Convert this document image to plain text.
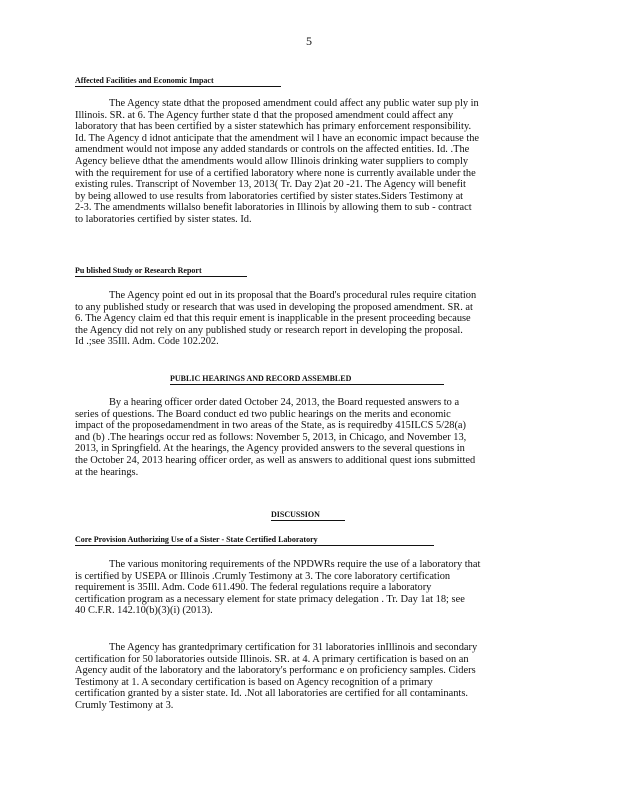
5
Affected Facilities and Economic Impact
The Agency state dthat the proposed amendment could affect any public water sup ply in
Illinois. SR. at 6. The Agency further state d that the proposed amendment could affect any
laboratory that has been certified by a sister statewhich has primary enforcement responsibility.
Id. The Agency d idnot anticipate that the amendment wil l have an economic impact because the
amendment would not impose any added standards or controls on the affected entities. Id. .The
Agency believe dthat the amendments would allow Illinois drinking water suppliers to comply
with the requirement for use of a certified laboratory where none is currently available under the
existing rules. Transcript of November 13, 2013( Tr. Day 2)at 20 -21. The Agency will benefit
by being allowed to use results from laboratories certified by sister states.Siders Testimony at
2-3. The amendments willalso benefit laboratories in Illinois by allowing them to sub - contract
to laboratories certified by sister states. Id.
Pu blished Study or Research Report
The Agency point ed out in its proposal that the Board's procedural rules require citation
to any published study or research that was used in developing the proposed amendment. SR. at
6. The Agency claim ed that this requir ement is inapplicable in the present proceeding because
the Agency did not rely on any published study or research report in developing the proposal.
Id .;see 35Ill. Adm. Code 102.202.
PUBLIC HEARINGS AND RECORD ASSEMBLED
By a hearing officer order dated October 24, 2013, the Board requested answers to a
series of questions. The Board conduct ed two public hearings on the merits and economic
impact of the proposedamendment in two areas of the State, as is requiredby 415ILCS 5/28(a)
and (b) .The hearings occur red as follows: November 5, 2013, in Chicago, and November 13,
2013, in Springfield. At the hearings, the Agency provided answers to the several questions in
the October 24, 2013 hearing officer order, as well as answers to additional quest ions submitted
at the hearings.
DISCUSSION
Core Provision Authorizing Use of a Sister - State Certified Laboratory
The various monitoring requirements of the NPDWRs require the use of a laboratory that
is certified by USEPA or Illinois .Crumly Testimony at 3. The core laboratory certification
requirement is 35Ill. Adm. Code 611.490. The federal regulations require a laboratory
certification program as a necessary element for state primacy delegation . Tr. Day 1at 18; see
40 C.F.R. 142.10(b)(3)(i) (2013).
The Agency has grantedprimary certification for 31 laboratories inIllinois and secondary
certification for 50 laboratories outside Illinois. SR. at 4. A primary certification is based on an
Agency audit of the laboratory and the laboratory's performanc e on proficiency samples. Ciders
Testimony at 1. A secondary certification is based on Agency recognition of a primary
certification granted by a sister state. Id. .Not all laboratories are certified for all contaminants.
Crumly Testimony at 3.
